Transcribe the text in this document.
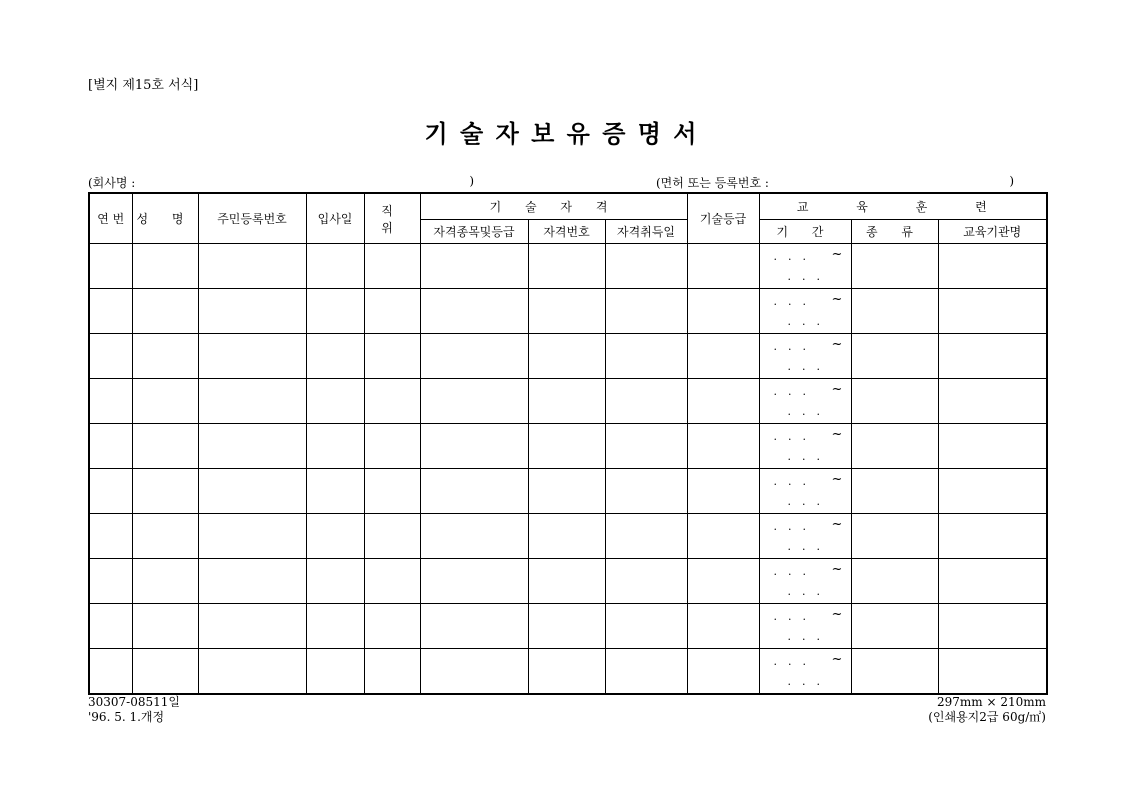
[별지 제15호 서식]
기 술 자 보 유 증 명 서
(회사명 :	)	(면허 또는 등록번호 :	)
연 번	성 명	주민등록번호	입사일	직 위	기 술 자 격			기술등급	교 육 훈 련		
					자격종목및등급	자격번호	자격취득일		기 간	종 류	교육기관명

									... ~
...		

									... ~
...		

									... ~
...		

									... ~
...		

									... ~
...		

									... ~
...		

									... ~
...		

									... ~
...		

									... ~
...		

									... ~
...		

30307-08511일
'96. 5. 1.개정
297mm × 210mm
(인쇄용지2급 60g/㎡)
